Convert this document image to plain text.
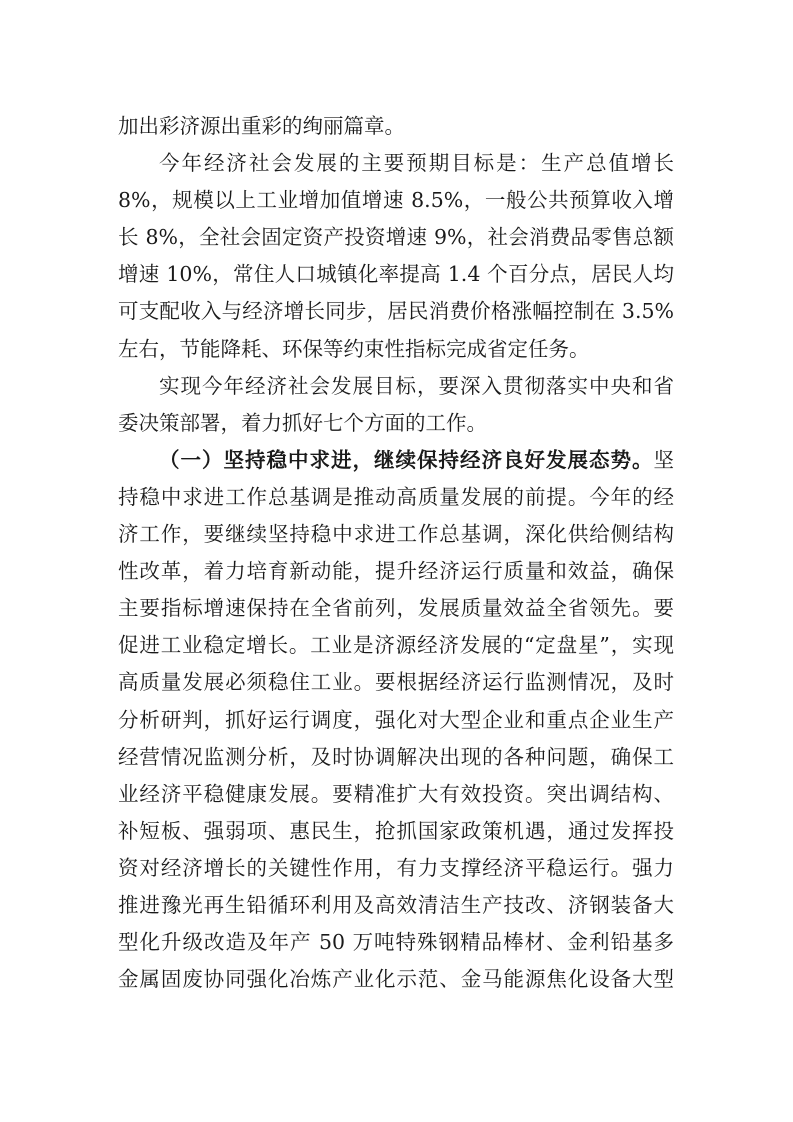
加出彩济源出重彩的绚丽篇章。
今年经济社会发展的主要预期目标是：生产总值增长
8%，规模以上工业增加值增速 8.5%，一般公共预算收入增
长 8%，全社会固定资产投资增速 9%，社会消费品零售总额
增速 10%，常住人口城镇化率提高 1.4 个百分点，居民人均
可支配收入与经济增长同步，居民消费价格涨幅控制在 3.5%
左右，节能降耗、环保等约束性指标完成省定任务。
实现今年经济社会发展目标，要深入贯彻落实中央和省
委决策部署，着力抓好七个方面的工作。
（一）坚持稳中求进，继续保持经济良好发展态势。坚
持稳中求进工作总基调是推动高质量发展的前提。今年的经
济工作，要继续坚持稳中求进工作总基调，深化供给侧结构
性改革，着力培育新动能，提升经济运行质量和效益，确保
主要指标增速保持在全省前列，发展质量效益全省领先。要
促进工业稳定增长。工业是济源经济发展的“定盘星”，实现
高质量发展必须稳住工业。要根据经济运行监测情况，及时
分析研判，抓好运行调度，强化对大型企业和重点企业生产
经营情况监测分析，及时协调解决出现的各种问题，确保工
业经济平稳健康发展。要精准扩大有效投资。突出调结构、
补短板、强弱项、惠民生，抢抓国家政策机遇，通过发挥投
资对经济增长的关键性作用，有力支撑经济平稳运行。强力
推进豫光再生铅循环利用及高效清洁生产技改、济钢装备大
型化升级改造及年产 50 万吨特殊钢精品棒材、金利铅基多
金属固废协同强化冶炼产业化示范、金马能源焦化设备大型
